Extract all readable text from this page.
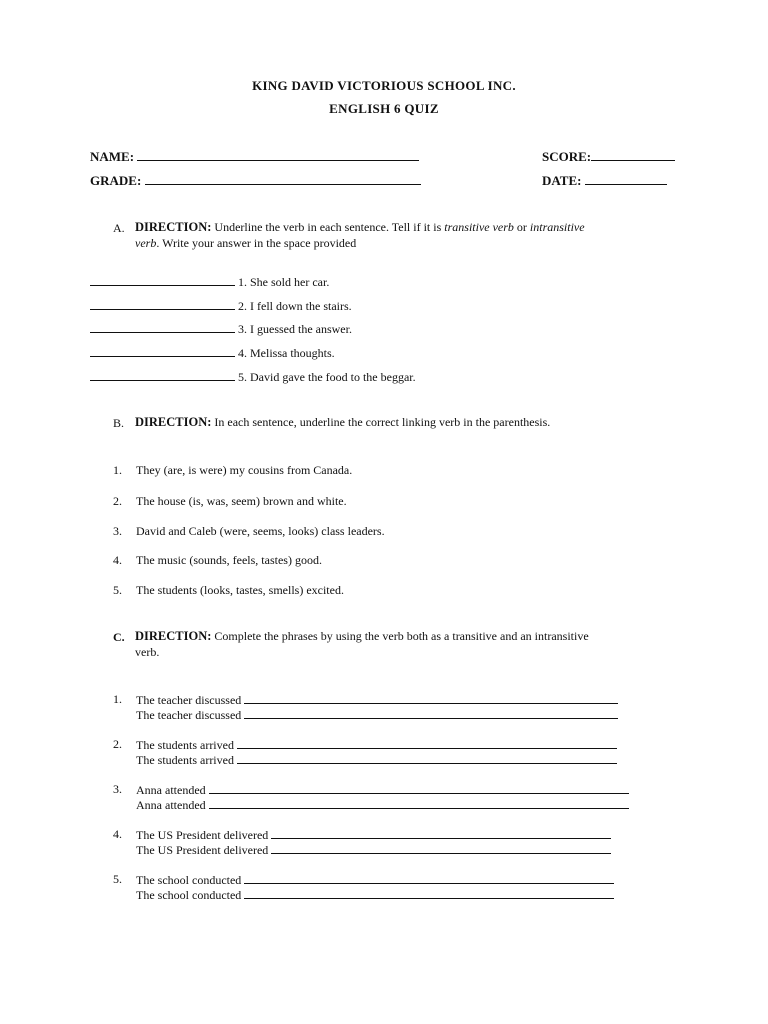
KING DAVID VICTORIOUS SCHOOL INC.
ENGLISH 6 QUIZ
NAME:	SCORE:
GRADE:	DATE:
A. DIRECTION: Underline the verb in each sentence. Tell if it is transitive verb or intransitive
verb. Write your answer in the space provided
1. She sold her car.
2. I fell down the stairs.
3. I guessed the answer.
4. Melissa thoughts.
5. David gave the food to the beggar.
B. DIRECTION: In each sentence, underline the correct linking verb in the parenthesis.
1. They (are, is were) my cousins from Canada.
2. The house (is, was, seem) brown and white.
3. David and Caleb (were, seems, looks) class leaders.
4. The music (sounds, feels, tastes) good.
5. The students (looks, tastes, smells) excited.
C. DIRECTION: Complete the phrases by using the verb both as a transitive and an intransitive
verb.
1. The teacher discussed
The teacher discussed
2. The students arrived
The students arrived
3. Anna attended
Anna attended
4. The US President delivered
The US President delivered
5. The school conducted
The school conducted
